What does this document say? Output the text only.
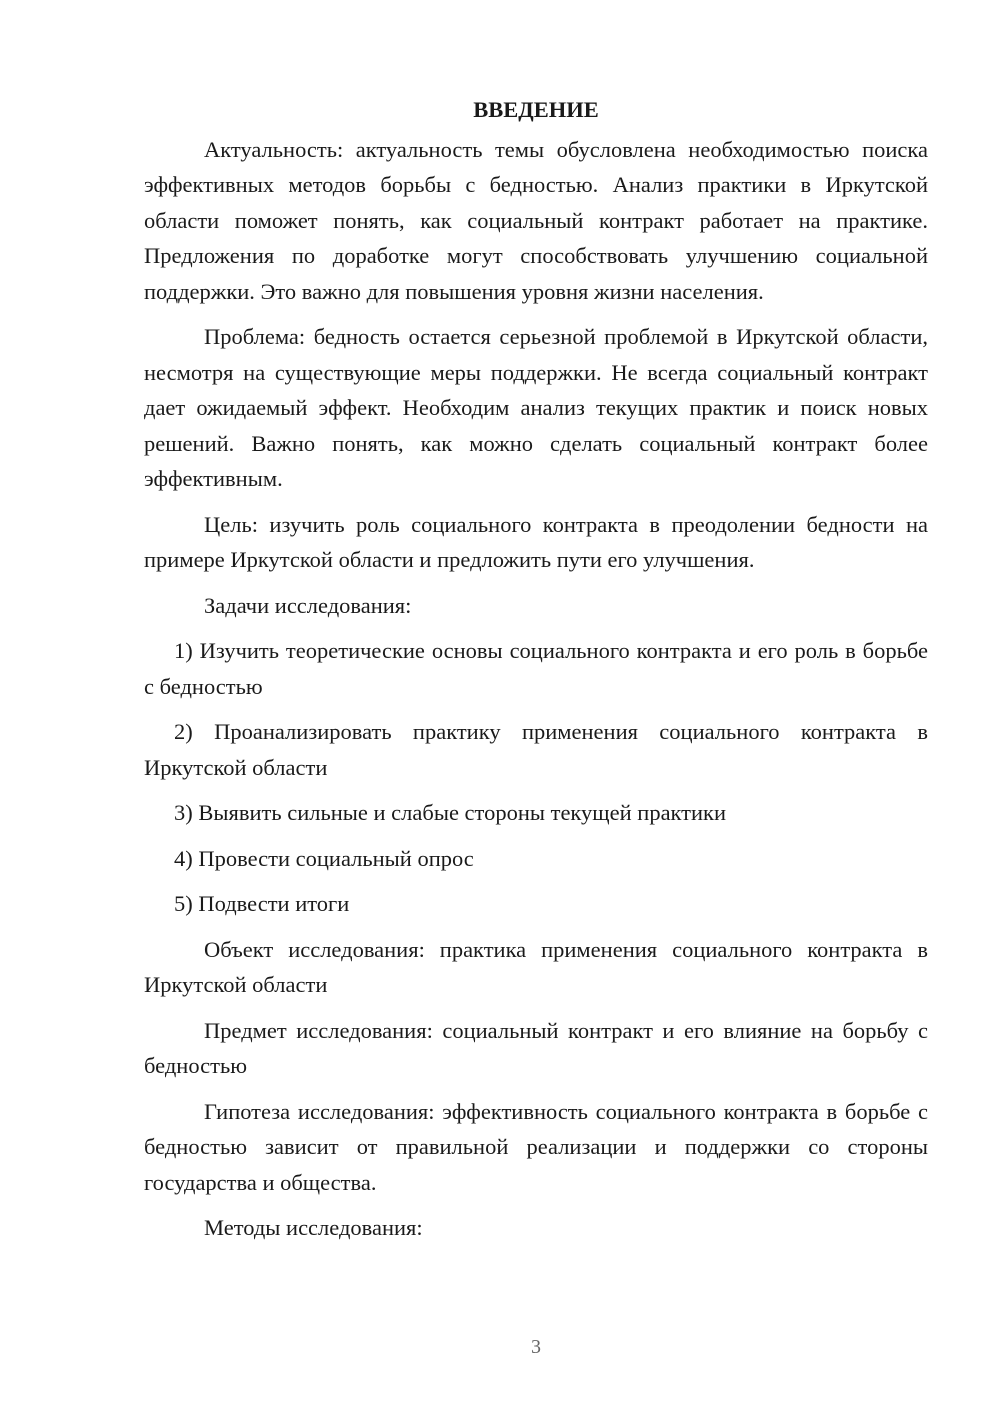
ВВЕДЕНИЕ

Актуальность: актуальность темы обусловлена необходимостью поиска эффективных методов борьбы с бедностью. Анализ практики в Иркутской области поможет понять, как социальный контракт работает на практике. Предложения по доработке могут способствовать улучшению социальной поддержки. Это важно для повышения уровня жизни населения.

Проблема: бедность остается серьезной проблемой в Иркутской области, несмотря на существующие меры поддержки. Не всегда социальный контракт дает ожидаемый эффект. Необходим анализ текущих практик и поиск новых решений. Важно понять, как можно сделать социальный контракт более эффективным.

Цель: изучить роль социального контракта в преодолении бедности на примере Иркутской области и предложить пути его улучшения.

Задачи исследования:

1) Изучить теоретические основы социального контракта и его роль в борьбе с бедностью

2) Проанализировать практику применения социального контракта в Иркутской области

3) Выявить сильные и слабые стороны текущей практики

4) Провести социальный опрос

5) Подвести итоги

Объект исследования: практика применения социального контракта в Иркутской области

Предмет исследования: социальный контракт и его влияние на борьбу с бедностью

Гипотеза исследования: эффективность социального контракта в борьбе с бедностью зависит от правильной реализации и поддержки со стороны государства и общества.

Методы исследования:

3
